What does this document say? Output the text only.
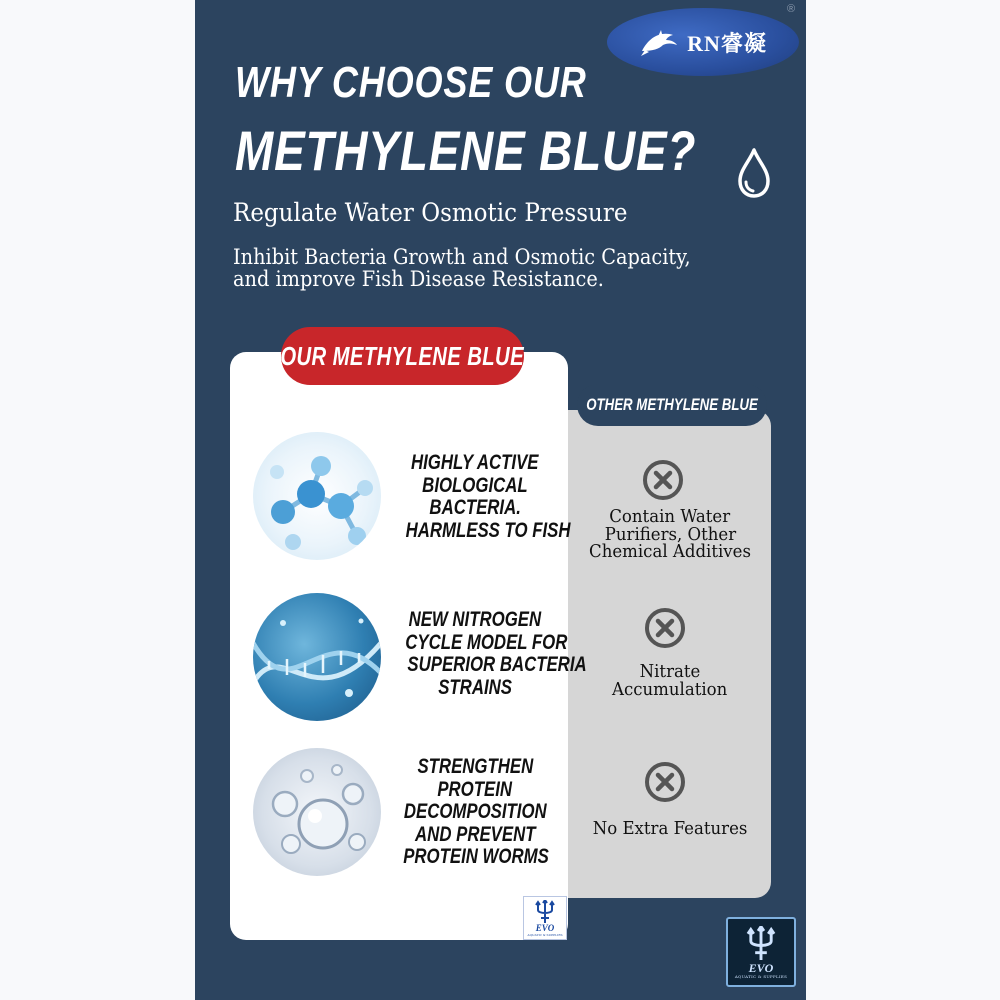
RN睿凝
®
WHY CHOOSE OUR
METHYLENE BLUE?
Regulate Water Osmotic Pressure
Inhibit Bacteria Growth and Osmotic Capacity,
and improve Fish Disease Resistance.
OUR METHYLENE BLUE
OTHER METHYLENE BLUE
HIGHLY ACTIVE
BIOLOGICAL
BACTERIA.
HARMLESS TO FISH
NEW NITROGEN
CYCLE MODEL FOR
SUPERIOR BACTERIA
STRAINS
STRENGTHEN
PROTEIN
DECOMPOSITION
AND PREVENT
PROTEIN WORMS
Contain Water
Purifiers, Other
Chemical Additives
Nitrate
Accumulation
No Extra Features
EVO
AQUATIC & SUPPLIES
EVO
AQUATIC & SUPPLIES
